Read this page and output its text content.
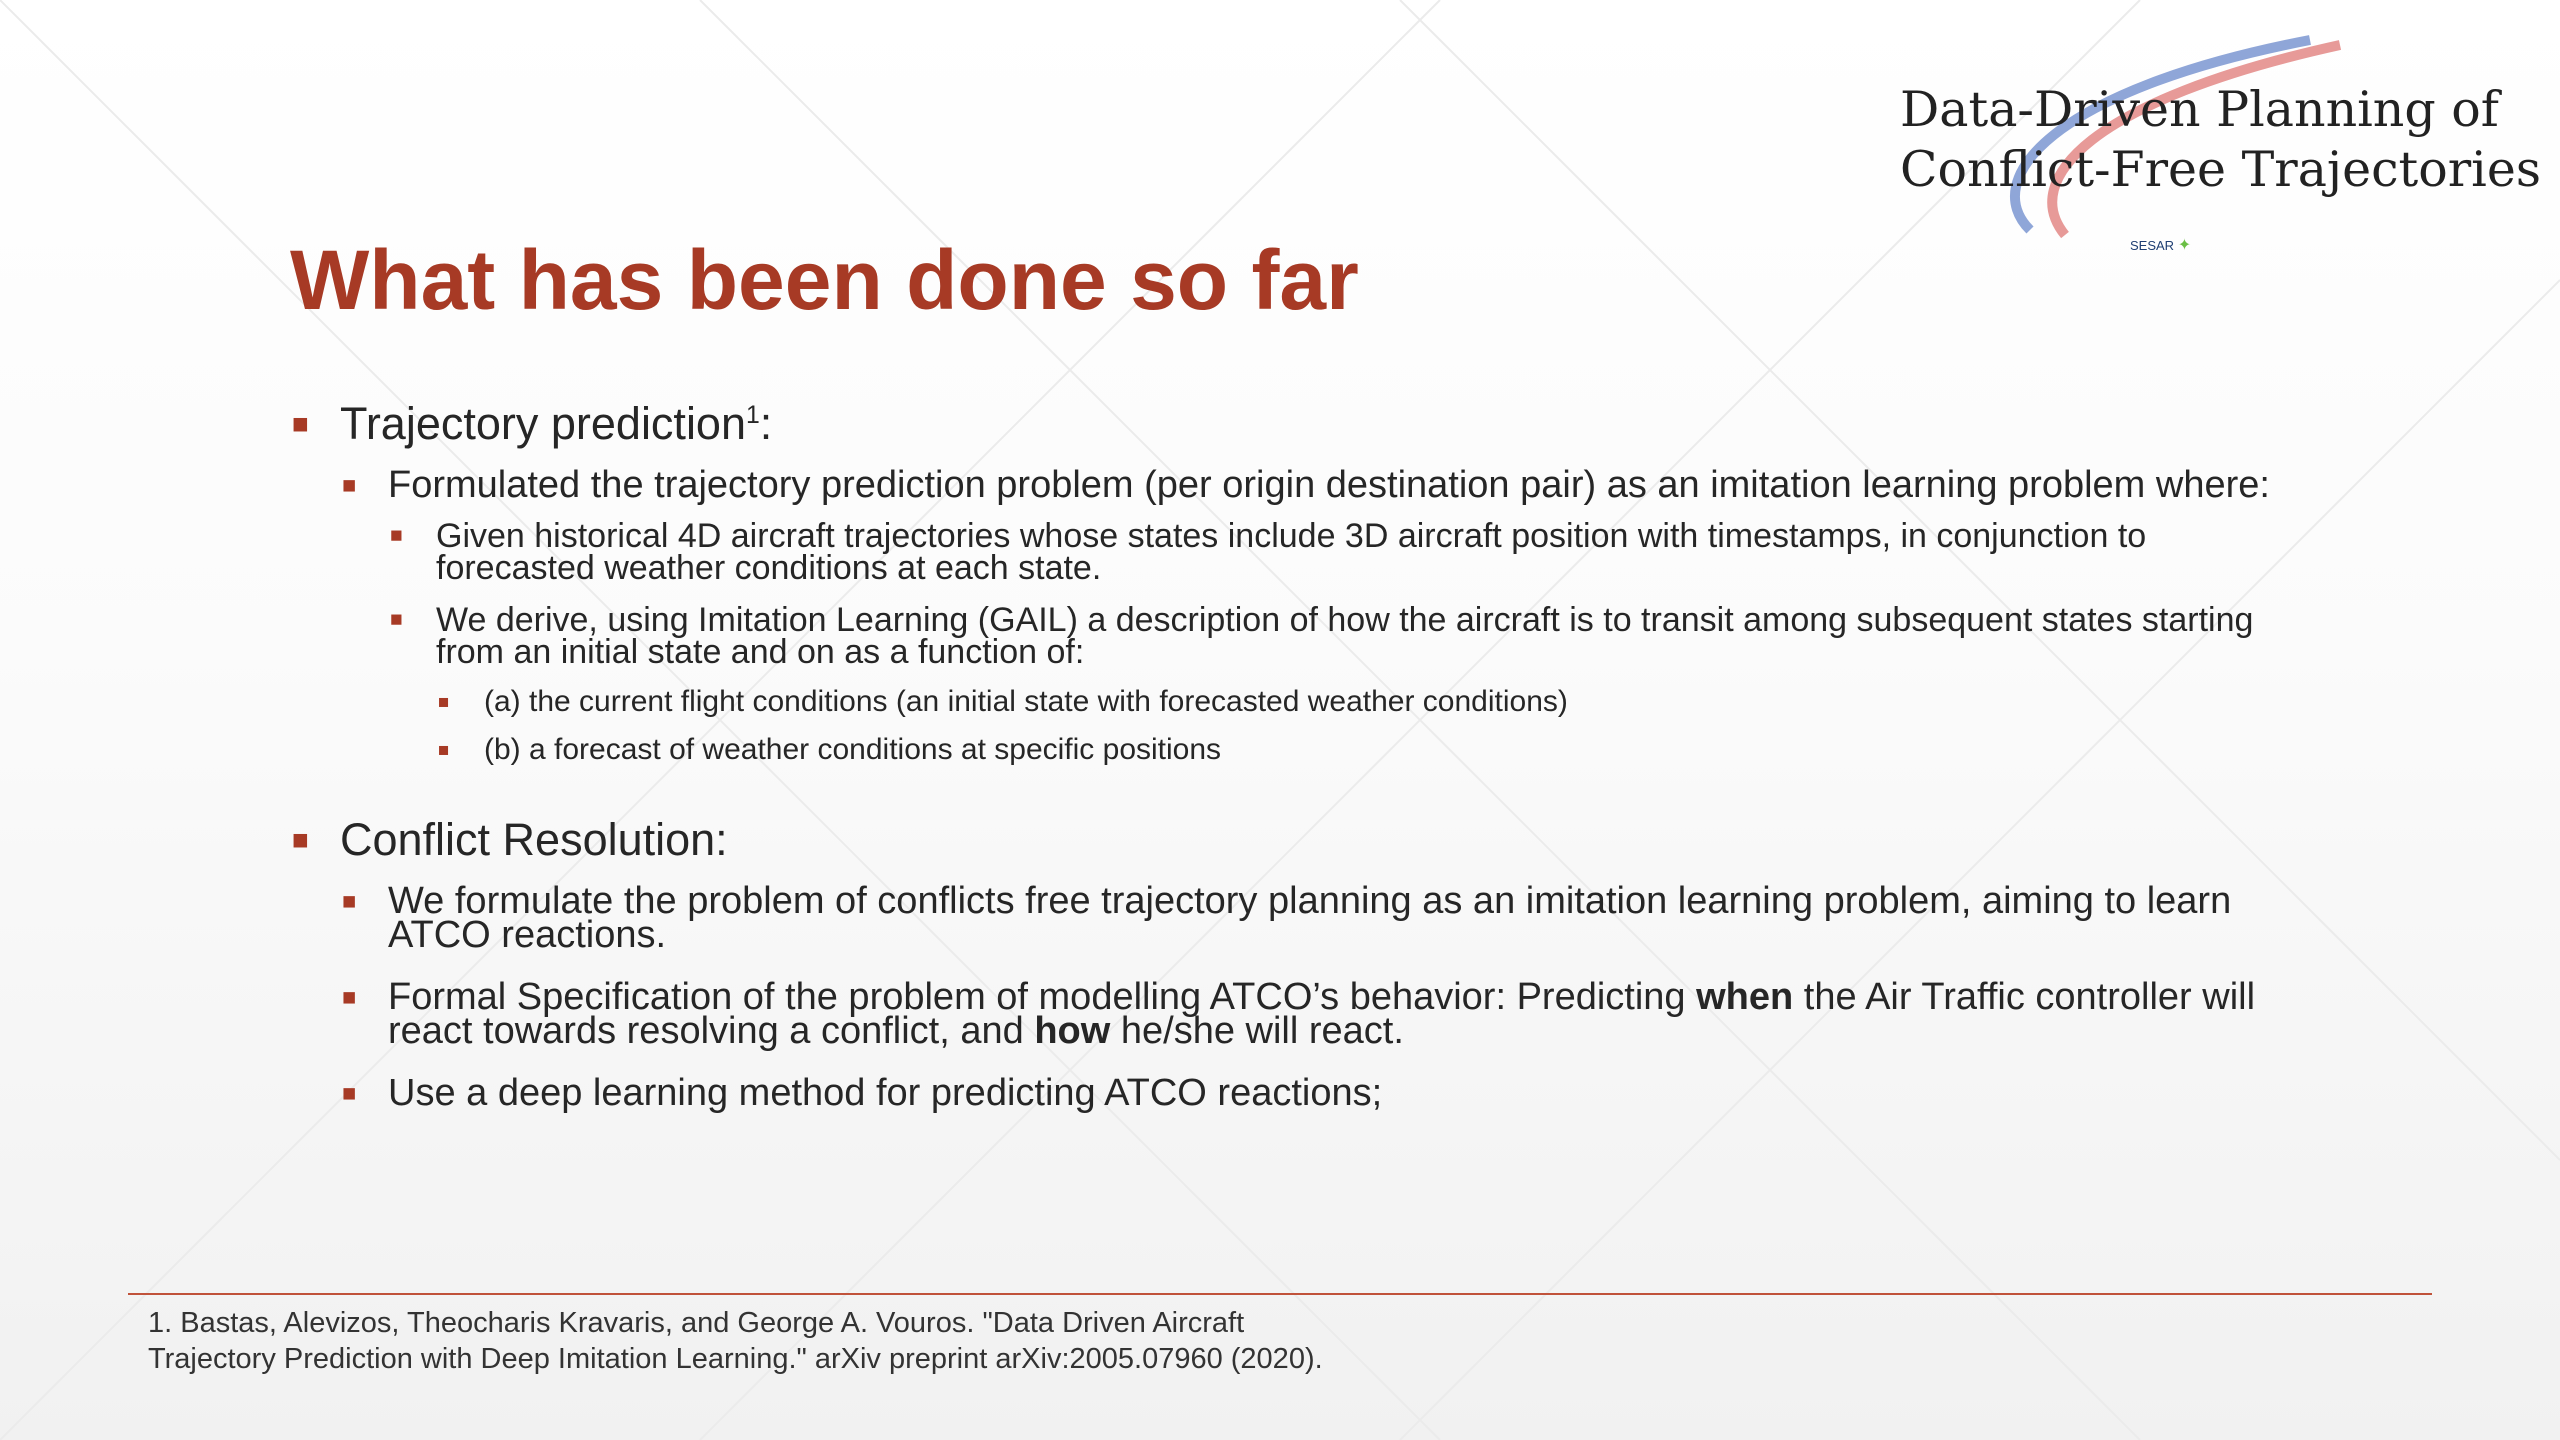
Data-Driven Planning of
Conflict-Free Trajectories
SESAR ✦
What has been done so far
■ Trajectory prediction$^1$:
■ Formulated the trajectory prediction problem (per origin destination pair) as an imitation learning problem where:
■ Given historical 4D aircraft trajectories whose states include 3D aircraft position with timestamps, in conjunction to forecasted weather conditions at each state.
■ We derive, using Imitation Learning (GAIL) a description of how the aircraft is to transit among subsequent states starting from an initial state and on as a function of:
■ (a) the current flight conditions (an initial state with forecasted weather conditions)
■ (b) a forecast of weather conditions at specific positions
■ Conflict Resolution:
■ We formulate the problem of conflicts free trajectory planning as an imitation learning problem, aiming to learn ATCO reactions.
■ Formal Specification of the problem of modelling ATCO’s behavior: Predicting when the Air Traffic controller will react towards resolving a conflict, and how he/she will react.
■ Use a deep learning method for predicting ATCO reactions;
1. Bastas, Alevizos, Theocharis Kravaris, and George A. Vouros. "Data Driven Aircraft
Trajectory Prediction with Deep Imitation Learning." arXiv preprint arXiv:2005.07960 (2020).
